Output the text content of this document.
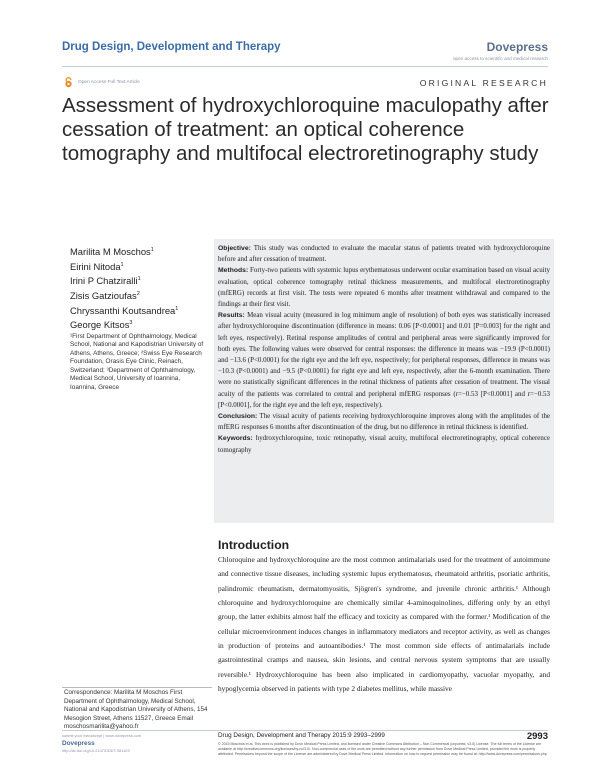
Drug Design, Development and Therapy	Dovepress
open access to scientific and medical research
Open Access Full Text Article	ORIGINAL RESEARCH
Assessment of hydroxychloroquine maculopathy after cessation of treatment: an optical coherence tomography and multifocal electroretinography study
Marilita M Moschos$^1$
Eirini Nitoda$^1$
Irini P Chatziralli$^1$
Zisis Gatzioufas$^2$
Chryssanthi Koutsandrea$^1$
George Kitsos$^3$
¹First Department of Ophthalmology, Medical School, National and Kapodistrian University of Athens, Athens, Greece; ²Swiss Eye Research Foundation, Orasis Eye Clinic, Reinach, Switzerland; ³Department of Ophthalmology, Medical School, University of Ioannina, Ioannina, Greece

Objective: This study was conducted to evaluate the macular status of patients treated with hydroxychloroquine before and after cessation of treatment.

Methods: Forty-two patients with systemic lupus erythematosus underwent ocular examination based on visual acuity evaluation, optical coherence tomography retinal thickness measurements, and multifocal electroretinography (mfERG) records at first visit. The tests were repeated 6 months after treatment withdrawal and compared to the findings at their first visit.

Results: Mean visual acuity (measured in log minimum angle of resolution) of both eyes was statistically increased after hydroxychloroquine discontinuation (difference in means: 0.06 [P<0.0001] and 0.01 [P=0.003] for the right and left eyes, respectively). Retinal response amplitudes of central and peripheral areas were significantly improved for both eyes. The following values were observed for central responses: the difference in means was −19.9 (P<0.0001) and −13.6 (P<0.0001) for the right eye and the left eye, respectively; for peripheral responses, difference in means was −10.3 (P<0.0001) and −9.5 (P<0.0001) for right eye and left eye, respectively, after the 6-month examination. There were no statistically significant differences in the retinal thickness of patients after cessation of treatment. The visual acuity of the patients was correlated to central and peripheral mfERG responses (r=−0.53 [P<0.0001] and r=−0.53 [P<0.0001], for the right eye and the left eye, respectively).

Conclusion: The visual acuity of patients receiving hydroxychloroquine improves along with the amplitudes of the mfERG responses 6 months after discontinuation of the drug, but no difference in retinal thickness is identified.

Keywords: hydroxychloroquine, toxic retinopathy, visual acuity, multifocal electroretinography, optical coherence tomography

Introduction
Chloroquine and hydroxychloroquine are the most common antimalarials used for the treatment of autoimmune and connective tissue diseases, including systemic lupus erythematosus, rheumatoid arthritis, psoriatic arthritis, palindromic rheumatism, dermatomyositis, Sjögren's syndrome, and juvenile chronic arthritis.¹ Although chloroquine and hydroxychloroquine are chemically similar 4-aminoquinolines, differing only by an ethyl group, the latter exhibits almost half the efficacy and toxicity as compared with the former.¹ Modification of the cellular microenvironment induces changes in inflammatory mediators and receptor activity, as well as changes in production of proteins and autoantibodies.¹ The most common side effects of antimalarials include gastrointestinal cramps and nausea, skin lesions, and central nervous system symptoms that are usually reversible.¹ Hydroxychloroquine has been also implicated in cardiomyopathy, vacuolar myopathy, and hypoglycemia observed in patients with type 2 diabetes mellitus, while massive
Correspondence: Marilita M Moschos First Department of Ophthalmology, Medical School, National and Kapodistrian University of Athens, 154 Mesogion Street, Athens 11527, Greece Email moschosmarilita@yahoo.fr
submit your manuscript | www.dovepress.com
Dovepress
http://dx.doi.org/10.2147/DDDT.S81103
Drug Design, Development and Therapy 2015:9 2993–2999	2993
© 2015 Moschos et al. This work is published by Dove Medical Press Limited, and licensed under Creative Commons Attribution – Non Commercial (unported, v3.0) License. The full terms of the License are available at http://creativecommons.org/licenses/by-nc/3.0/. Non-commercial uses of the work are permitted without any further permission from Dove Medical Press Limited, provided the work is properly attributed. Permissions beyond the scope of the License are administered by Dove Medical Press Limited. Information on how to request permission may be found at: http://www.dovepress.com/permissions.php
